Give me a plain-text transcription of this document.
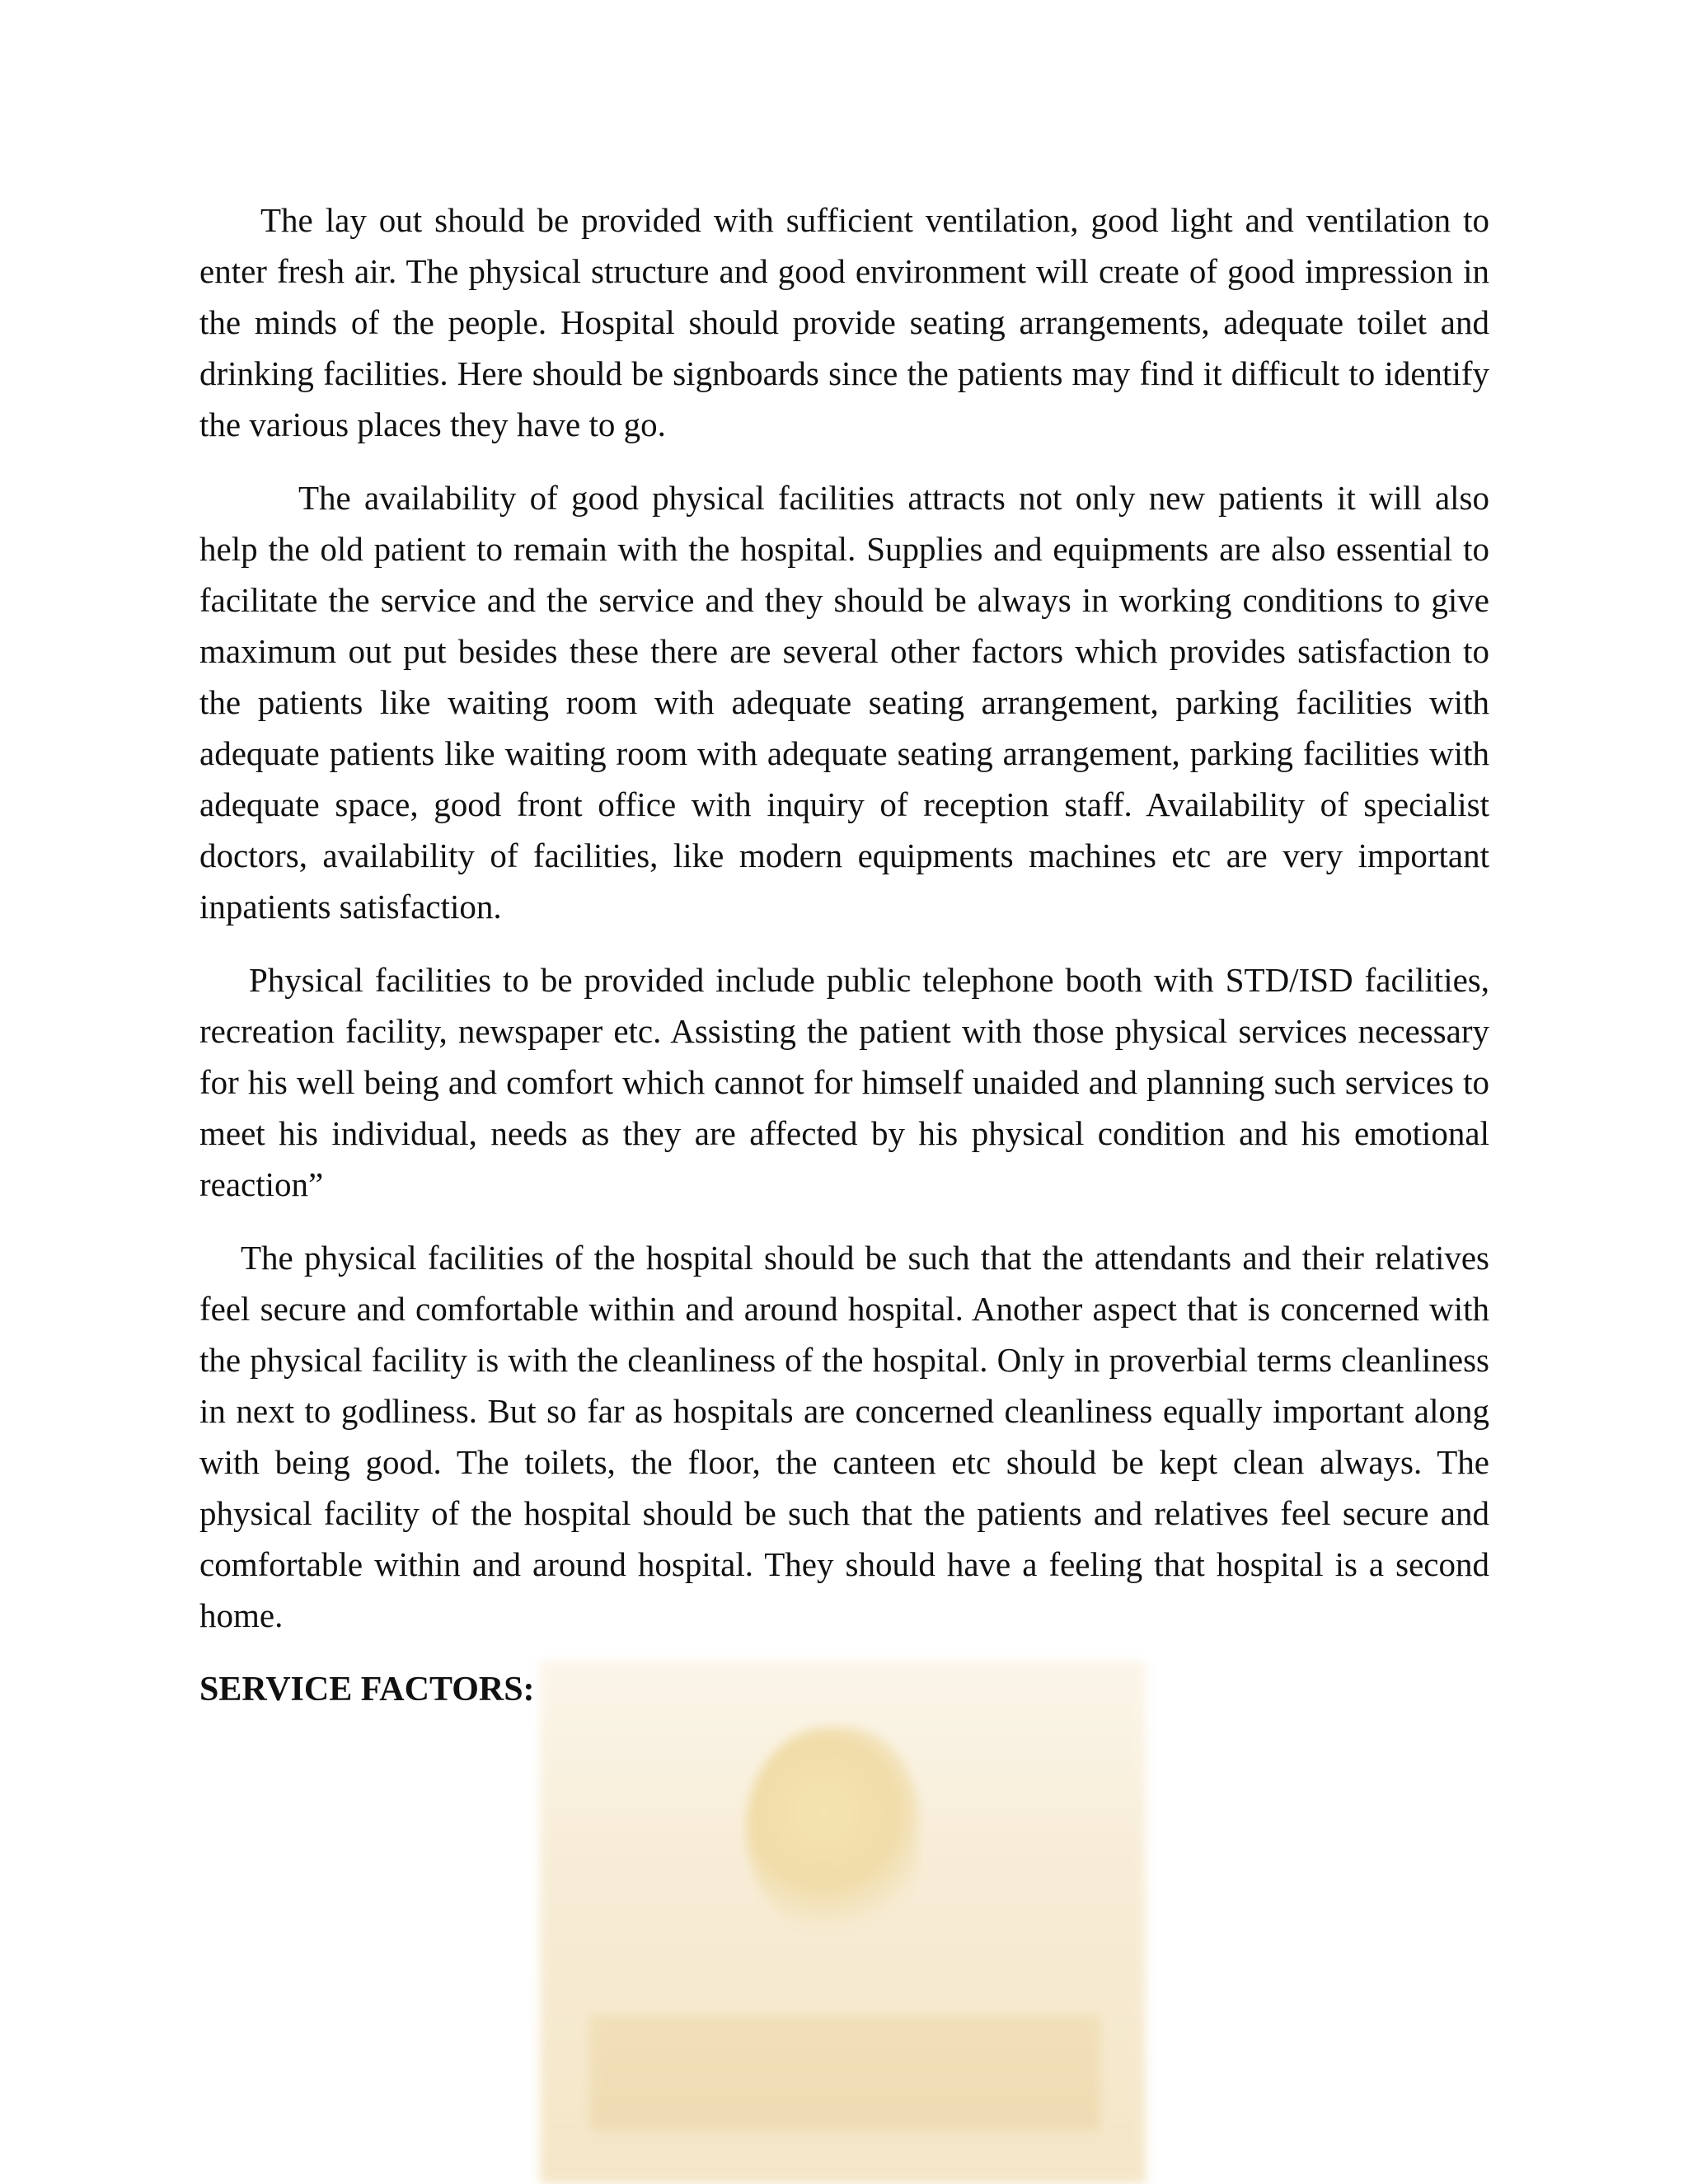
The lay out should be provided with sufficient ventilation, good light and ventilation to enter fresh air. The physical structure and good environment will create of good impression in the minds of the people. Hospital should provide seating arrangements, adequate toilet and drinking facilities. Here should be signboards since the patients may find it difficult to identify the various places they have to go.

The availability of good physical facilities attracts not only new patients it will also help the old patient to remain with the hospital. Supplies and equipments are also essential to facilitate the service and the service and they should be always in working conditions to give maximum out put besides these there are several other factors which provides satisfaction to the patients like waiting room with adequate seating arrangement, parking facilities with adequate patients like waiting room with adequate seating arrangement, parking facilities with adequate space, good front office with inquiry of reception staff. Availability of specialist doctors, availability of facilities, like modern equipments machines etc are very important inpatients satisfaction.

Physical facilities to be provided include public telephone booth with STD/ISD facilities, recreation facility, newspaper etc. Assisting the patient with those physical services necessary for his well being and comfort which cannot for himself unaided and planning such services to meet his individual, needs as they are affected by his physical condition and his emotional reaction”

The physical facilities of the hospital should be such that the attendants and their relatives feel secure and comfortable within and around hospital. Another aspect that is concerned with the physical facility is with the cleanliness of the hospital. Only in proverbial terms cleanliness in next to godliness. But so far as hospitals are concerned cleanliness equally important along with being good. The toilets, the floor, the canteen etc should be kept clean always. The physical facility of the hospital should be such that the patients and relatives feel secure and comfortable within and around hospital. They should have a feeling that hospital is a second home.

SERVICE FACTORS:
